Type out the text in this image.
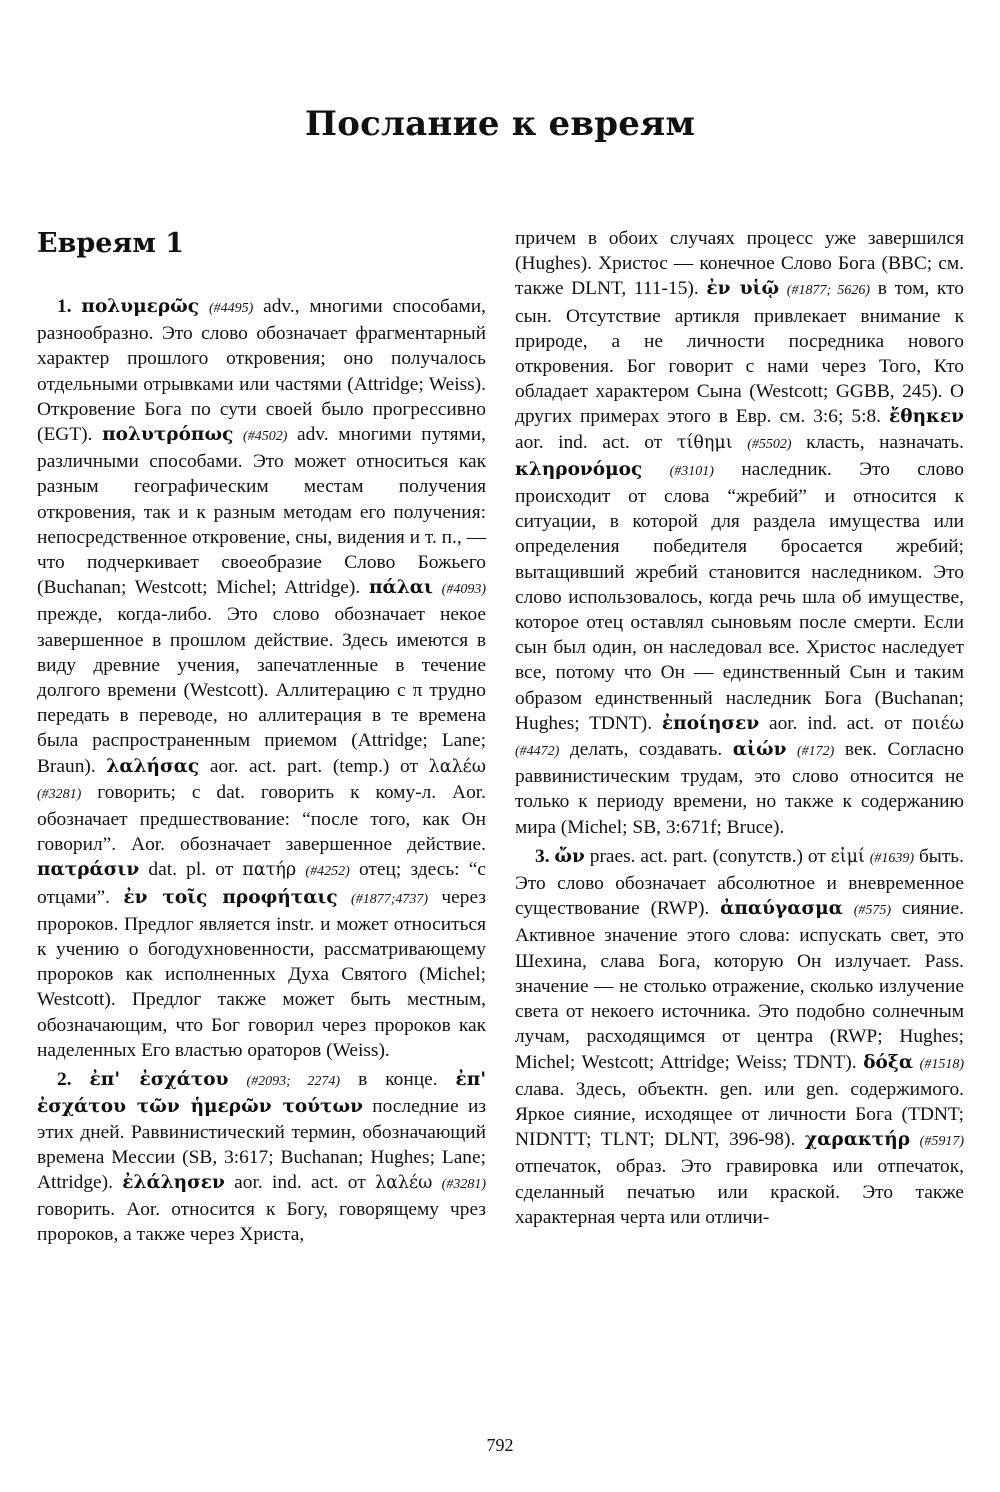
Послание к евреям
Евреям 1

1. πολυμερῶς (#4495) adv., многими способами, разнообразно. Это слово обозначает фрагментарный характер прошлого откровения; оно получалось отдельными отрывками или частями (Attridge; Weiss). Откровение Бога по сути своей было прогрессивно (EGT). πολυτρόπως (#4502) adv. многими путями, различными способами. Это может относиться как разным географическим местам получения откровения, так и к разным методам его получения: непосредственное откровение, сны, видения и т. п., — что подчеркивает своеобразие Слово Божьего (Buchanan; Westcott; Michel; Attridge). πάλαι (#4093) прежде, когда-либо. Это слово обозначает некое завершенное в прошлом действие. Здесь имеются в виду древние учения, запечатленные в течение долгого времени (Westcott). Аллитерацию с π трудно передать в переводе, но аллитерация в те времена была распространенным приемом (Attridge; Lane; Braun). λαλήσας aor. act. part. (temp.) от λαλέω (#3281) говорить; с dat. говорить к кому-л. Aor. обозначает предшествование: “после того, как Он говорил”. Aor. обозначает завершенное действие. πατράσιν dat. pl. от πατήρ (#4252) отец; здесь: “с отцами”. ἐν τοῖς προφήταις (#1877;4737) через пророков. Предлог является instr. и может относиться к учению о богодухновенности, рассматривающему пророков как исполненных Духа Святого (Michel; Westcott). Предлог также может быть местным, обозначающим, что Бог говорил через пророков как наделенных Его властью ораторов (Weiss).

2. ἐπ' ἐσχάτου (#2093; 2274) в конце. ἐπ' ἐσχάτου τῶν ἡμερῶν τούτων последние из этих дней. Раввинистический термин, обозначающий времена Мессии (SB, 3:617; Buchanan; Hughes; Lane; Attridge). ἐλάλησεν aor. ind. act. от λαλέω (#3281) говорить. Aor. относится к Богу, говорящему чрез пророков, а также через Христа,

причем в обоих случаях процесс уже завершился (Hughes). Христос — конечное Слово Бога (BBC; см. также DLNT, 111-15). ἐν υἱῷ (#1877; 5626) в том, кто сын. Отсутствие артикля привлекает внимание к природе, а не личности посредника нового откровения. Бог говорит с нами через Того, Кто обладает характером Сына (Westcott; GGBB, 245). О других примерах этого в Евр. см. 3:6; 5:8. ἔθηκεν aor. ind. act. от τίθημι (#5502) класть, назначать. κληρονόμος (#3101) наследник. Это слово происходит от слова “жребий” и относится к ситуации, в которой для раздела имущества или определения победителя бросается жребий; вытащивший жребий становится наследником. Это слово использовалось, когда речь шла об имуществе, которое отец оставлял сыновьям после смерти. Если сын был один, он наследовал все. Христос наследует все, потому что Он — единственный Сын и таким образом единственный наследник Бога (Buchanan; Hughes; TDNT). ἐποίησεν aor. ind. act. от ποιέω (#4472) делать, создавать. αἰών (#172) век. Согласно раввинистическим трудам, это слово относится не только к периоду времени, но также к содержанию мира (Michel; SB, 3:671f; Bruce).

3. ὤν praes. act. part. (conyтств.) от εἰμί (#1639) быть. Это слово обозначает абсолютное и вневременное существование (RWP). ἀπαύγασμα (#575) сияние. Активное значение этого слова: испускать свет, это Шехина, слава Бога, которую Он излучает. Pass. значение — не столько отражение, сколько излучение света от некоего источника. Это подобно солнечным лучам, расходящимся от центра (RWP; Hughes; Michel; Westcott; Attridge; Weiss; TDNT). δόξα (#1518) слава. Здесь, объектн. gen. или gen. содержимого. Яркое сияние, исходящее от личности Бога (TDNT; NIDNTT; TLNT; DLNT, 396-98). χαρακτήρ (#5917) отпечаток, образ. Это гравировка или отпечаток, сделанный печатью или краской. Это также характерная черта или отличи-

792
